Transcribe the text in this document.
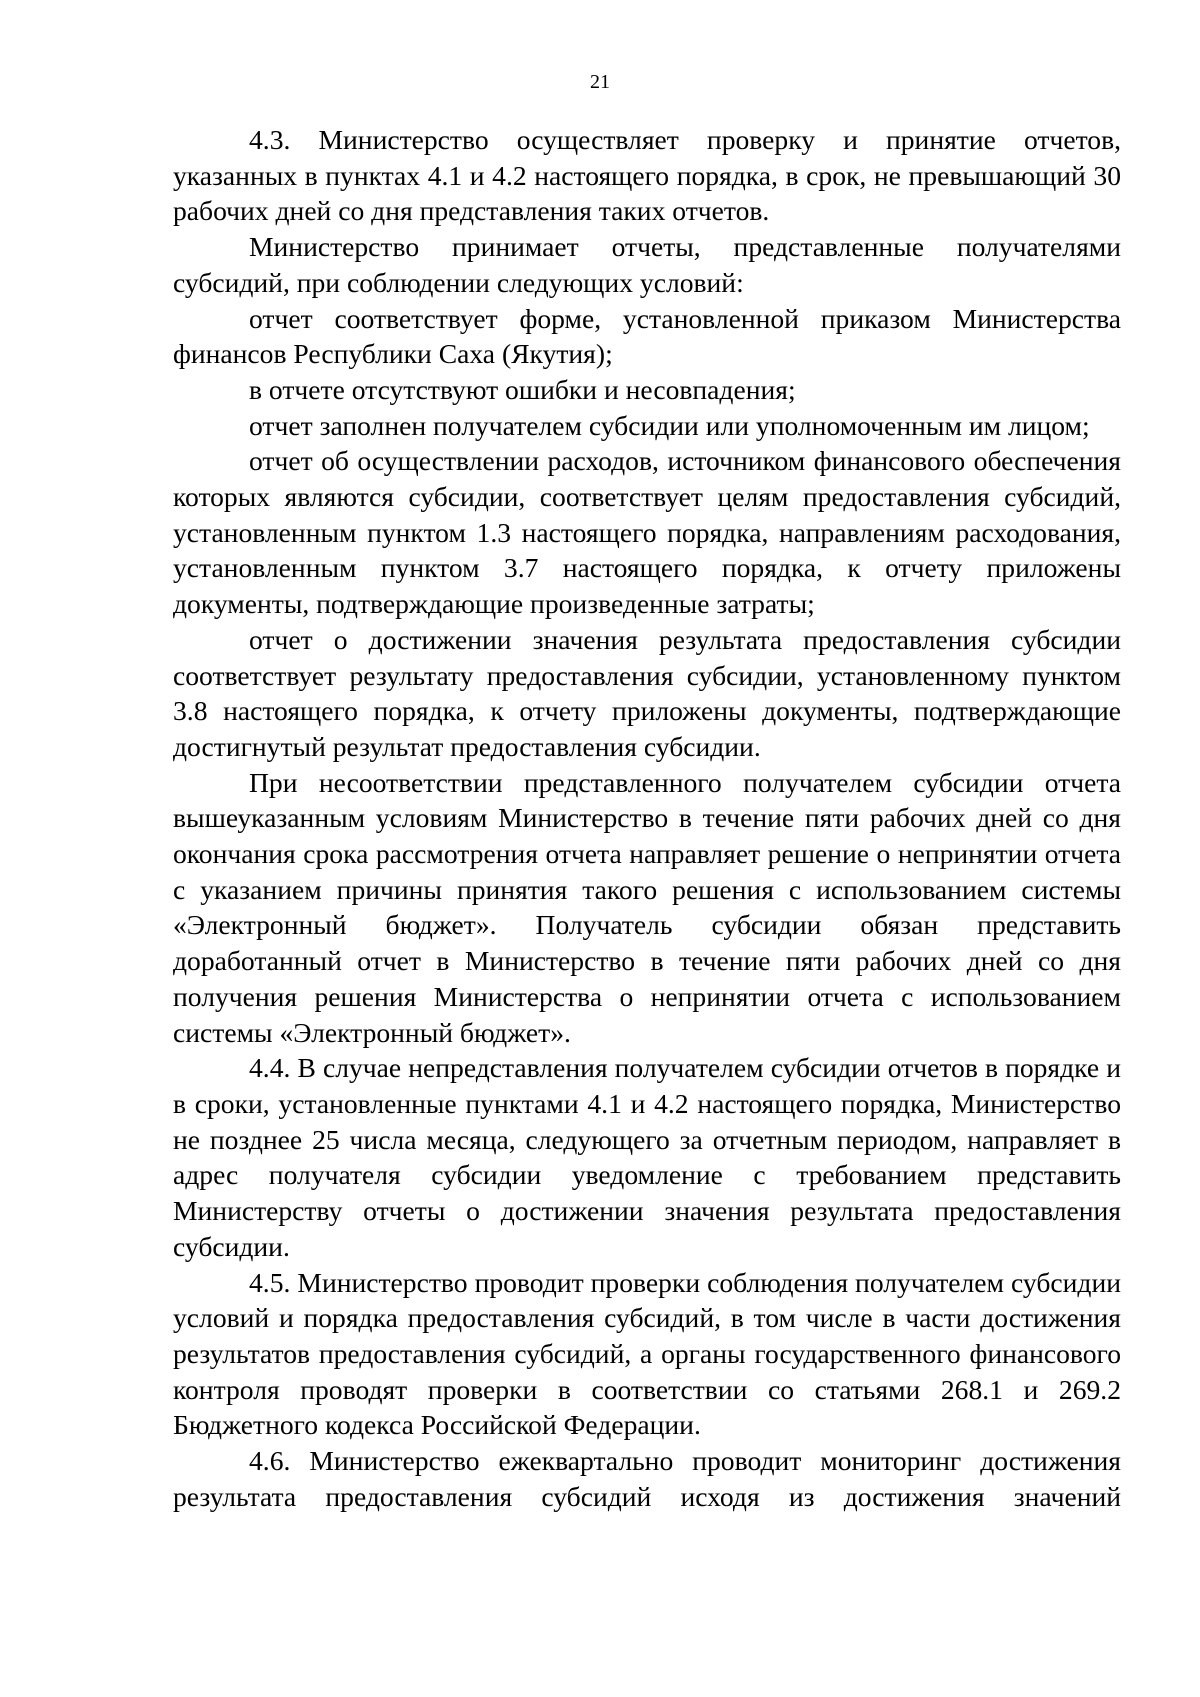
21

4.3. Министерство осуществляет проверку и принятие отчетов, указанных в пунктах 4.1 и 4.2 настоящего порядка, в срок, не превышающий 30 рабочих дней со дня представления таких отчетов.

Министерство принимает отчеты, представленные получателями субсидий, при соблюдении следующих условий:

отчет соответствует форме, установленной приказом Министерства финансов Республики Саха (Якутия);

в отчете отсутствуют ошибки и несовпадения;

отчет заполнен получателем субсидии или уполномоченным им лицом;

отчет об осуществлении расходов, источником финансового обеспечения которых являются субсидии, соответствует целям предоставления субсидий, установленным пунктом 1.3 настоящего порядка, направлениям расходования, установленным пунктом 3.7 настоящего порядка, к отчету приложены документы, подтверждающие произведенные затраты;

отчет о достижении значения результата предоставления субсидии соответствует результату предоставления субсидии, установленному пунктом 3.8 настоящего порядка, к отчету приложены документы, подтверждающие достигнутый результат предоставления субсидии.

При несоответствии представленного получателем субсидии отчета вышеуказанным условиям Министерство в течение пяти рабочих дней со дня окончания срока рассмотрения отчета направляет решение о непринятии отчета с указанием причины принятия такого решения с использованием системы «Электронный бюджет». Получатель субсидии обязан представить доработанный отчет в Министерство в течение пяти рабочих дней со дня получения решения Министерства о непринятии отчета с использованием системы «Электронный бюджет».

4.4. В случае непредставления получателем субсидии отчетов в порядке и в сроки, установленные пунктами 4.1 и 4.2 настоящего порядка, Министерство не позднее 25 числа месяца, следующего за отчетным периодом, направляет в адрес получателя субсидии уведомление с требованием представить Министерству отчеты о достижении значения результата предоставления субсидии.

4.5. Министерство проводит проверки соблюдения получателем субсидии условий и порядка предоставления субсидий, в том числе в части достижения результатов предоставления субсидий, а органы государственного финансового контроля проводят проверки в соответствии со статьями 268.1 и 269.2 Бюджетного кодекса Российской Федерации.

4.6. Министерство ежеквартально проводит мониторинг достижения результата предоставления субсидий исходя из достижения значений
